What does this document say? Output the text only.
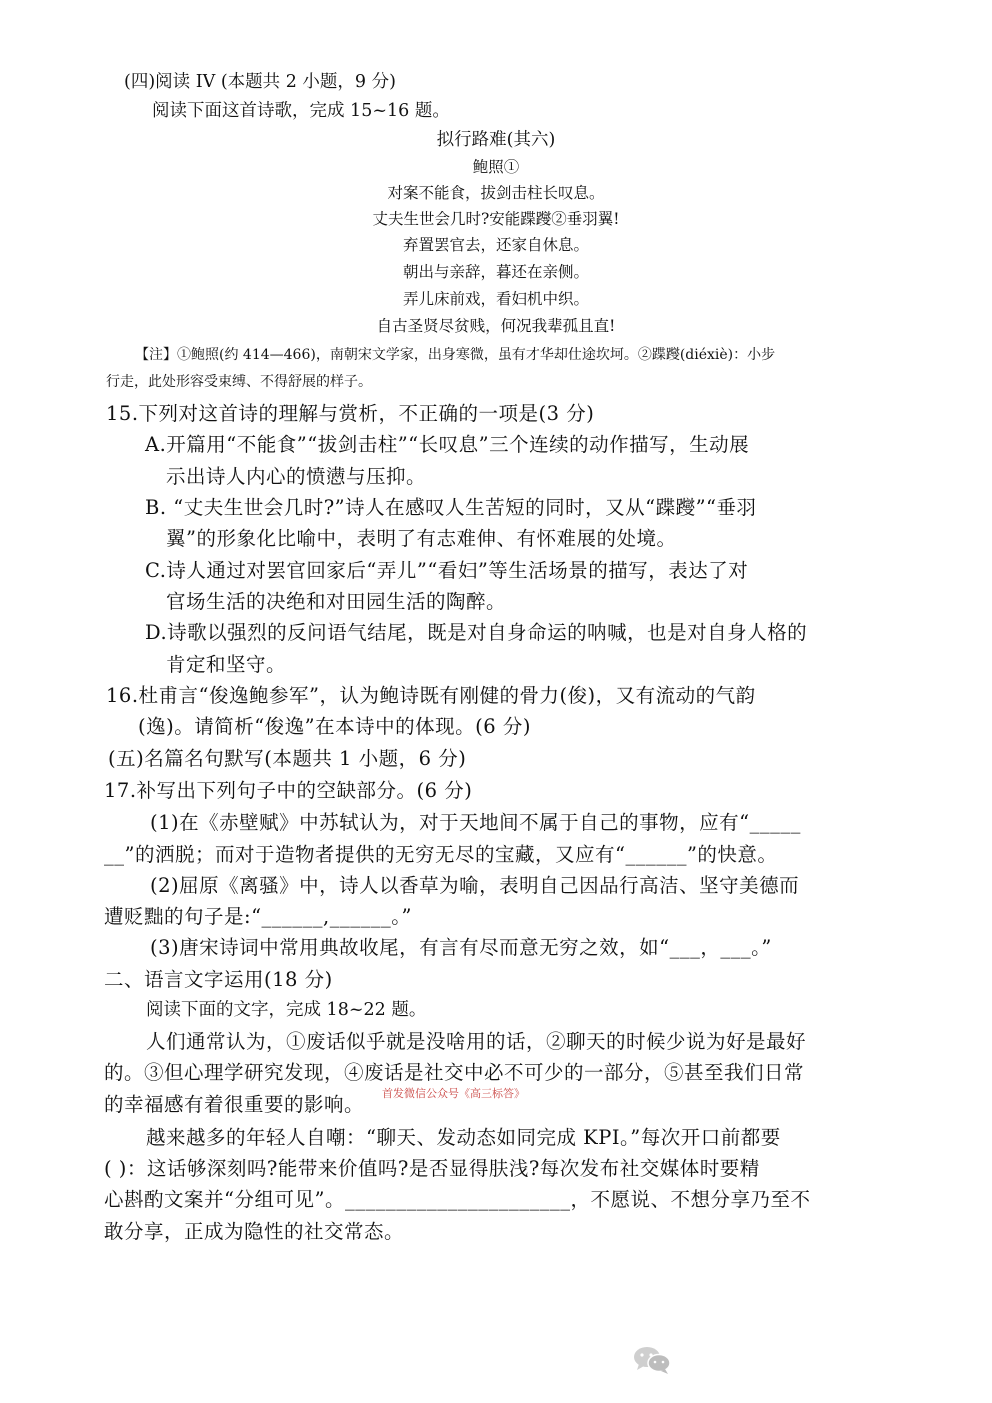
(四)阅读 IV (本题共 2 小题，9 分)
阅读下面这首诗歌，完成 15~16 题。
拟行路难(其六)
鲍照①
对案不能食，拔剑击柱长叹息。
丈夫生世会几时?安能蹀躞②垂羽翼!
弃置罢官去，还家自休息。
朝出与亲辞，暮还在亲侧。
弄儿床前戏，看妇机中织。
自古圣贤尽贫贱，何况我辈孤且直!
【注】①鲍照(约 414—466)，南朝宋文学家，出身寒微，虽有才华却仕途坎坷。②蹀躞(diéxiè)：小步
行走，此处形容受束缚、不得舒展的样子。
15.下列对这首诗的理解与赏析，不正确的一项是(3 分)
A.开篇用“不能食”“拔剑击柱”“长叹息”三个连续的动作描写，生动展
示出诗人内心的愤懑与压抑。
B. “丈夫生世会几时?”诗人在感叹人生苦短的同时，又从“蹀躞”“垂羽
翼”的形象化比喻中，表明了有志难伸、有怀难展的处境。
C.诗人通过对罢官回家后“弄儿”“看妇”等生活场景的描写，表达了对
官场生活的决绝和对田园生活的陶醉。
D.诗歌以强烈的反问语气结尾，既是对自身命运的呐喊，也是对自身人格的
肯定和坚守。
16.杜甫言“俊逸鲍参军”，认为鲍诗既有刚健的骨力(俊)，又有流动的气韵
(逸)。请简析“俊逸”在本诗中的体现。(6 分)
(五)名篇名句默写(本题共 1 小题，6 分)
17.补写出下列句子中的空缺部分。(6 分)
(1)在《赤壁赋》中苏轼认为，对于天地间不属于自己的事物，应有“_____
__”的洒脱；而对于造物者提供的无穷无尽的宝藏，又应有“______”的快意。
(2)屈原《离骚》中，诗人以香草为喻，表明自己因品行高洁、坚守美德而
遭贬黜的句子是:“______,______。”
(3)唐宋诗词中常用典故收尾，有言有尽而意无穷之效，如“___，___。”
二、语言文字运用(18 分)
阅读下面的文字，完成 18~22 题。
人们通常认为，①废话似乎就是没啥用的话，②聊天的时候少说为好是最好
的。③但心理学研究发现，④废话是社交中必不可少的一部分，⑤甚至我们日常
首发微信公众号《高三标答》
的幸福感有着很重要的影响。
越来越多的年轻人自嘲：“聊天、发动态如同完成 KPI。”每次开口前都要
( )：这话够深刻吗?能带来价值吗?是否显得肤浅?每次发布社交媒体时要精
心斟酌文案并“分组可见”。______________________，不愿说、不想分享乃至不
敢分享，正成为隐性的社交常态。
